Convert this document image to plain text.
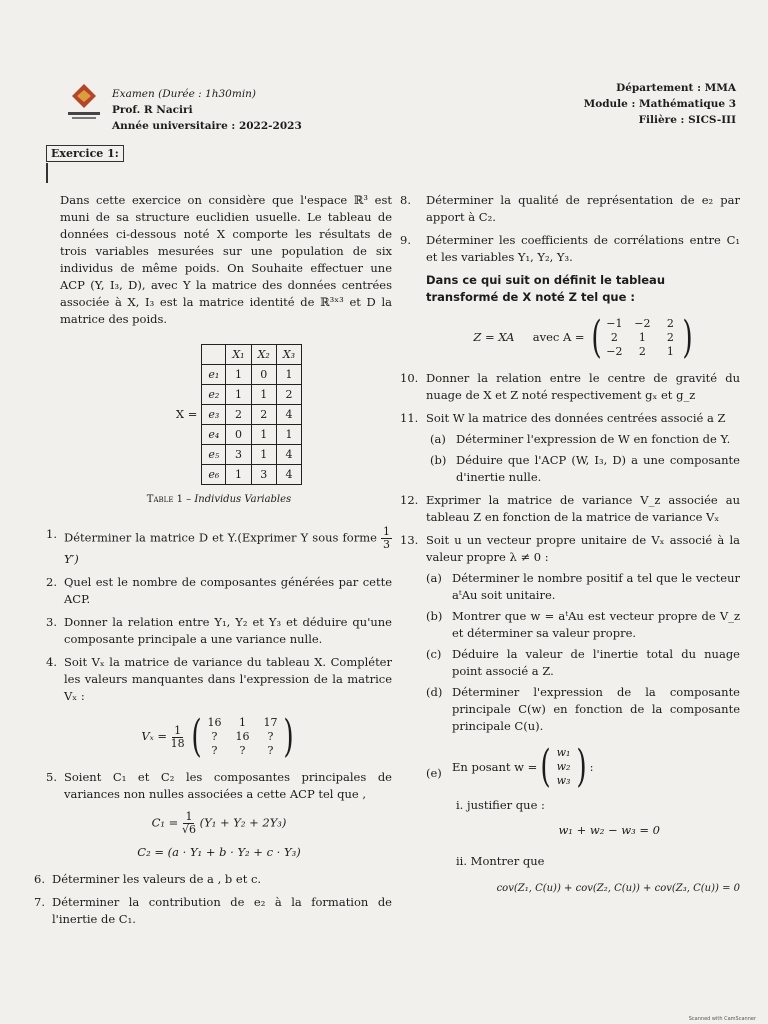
Examen (Durée : 1h30min)
Prof. R Naciri
Année universitaire : 2022-2023
Département : MMA
Module : Mathématique 3
Filière : SICS-III
Exercice 1:

Dans cette exercice on considère que l'espace ℝ³ est muni de sa structure euclidien usuelle. Le tableau de données ci-dessous noté X comporte les résultats de trois variables mesurées sur une population de six individus de même poids. On Souhaite effectuer une ACP (Y, I₃, D), avec Y la matrice des données centrées associée à X, I₃ est la matrice identité de ℝ³ˣ³ et D la matrice des poids.

X =
	X₁	X₂	X₃
e₁	1	0	1
e₂	1	1	2
e₃	2	2	4
e₄	0	1	1
e₅	3	1	4
e₆	1	3	4
Table 1 – Individus Variables
1. Déterminer la matrice D et Y.(Exprimer Y sous forme $\frac{1}{3}$
Y′)
2. Quel est le nombre de composantes générées par cette ACP.
3. Donner la relation entre Y₁, Y₂ et Y₃ et déduire qu'une composante principale a une variance nulle.
4. Soit Vₓ la matrice de variance du tableau X. Compléter les valeurs manquantes dans l'expression de la matrice Vₓ :
$V_x = \frac{1}{18}$
( 16	1	17
?	16	?
?	?	? )
5. Soient C₁ et C₂ les composantes principales de variances non nulles associées a cette ACP tel que ,
$C_1 = \frac{1}{√6} (Y_1 + Y_2 + 2Y_3)$
C₂ = (a · Y₁ + b · Y₂ + c · Y₃)
6. Déterminer les valeurs de a , b et c.
7. Déterminer la contribution de e₂ à la formation de l'inertie de C₁.
8. Déterminer la qualité de représentation de e₂ par apport à C₂.
9. Déterminer les coefficients de corrélations entre C₁ et les variables Y₁, Y₂, Y₃.

Dans ce qui suit on définit le tableau transformé de X noté Z tel que :

Z = XA avec A = ( −1 −2	2
2	1	2
−2	2	1 )
10. Donner la relation entre le centre de gravité du nuage de X et Z noté respectivement gₓ et g_z
11. Soit W la matrice des données centrées associé a Z
(a) Déterminer l'expression de W en fonction de Y.
(b) Déduire que l'ACP (W, I₃, D) a une composante d'inertie nulle.
12. Exprimer la matrice de variance V_z associée au tableau Z en fonction de la matrice de variance Vₓ
13. Soit u un vecteur propre unitaire de Vₓ associé à la valeur propre λ ≠ 0 :
(a) Déterminer le nombre positif a tel que le vecteur aᵗAu soit unitaire.
(b) Montrer que w = aᵗAu est vecteur propre de V_z et déterminer sa valeur propre.
(c) Déduire la valeur de l'inertie total du nuage point associé a Z.
(d) Déterminer l'expression de la composante principale C(w) en fonction de la composante principale C(u).
(e) En posant w = ( w₁
w₂
w₃ ) :
i. justifier que :
w₁ + w₂ − w₃ = 0
ii. Montrer que
cov(Z₁, C(u)) + cov(Z₂, C(u)) + cov(Z₃, C(u)) = 0
Scanned with CamScanner
